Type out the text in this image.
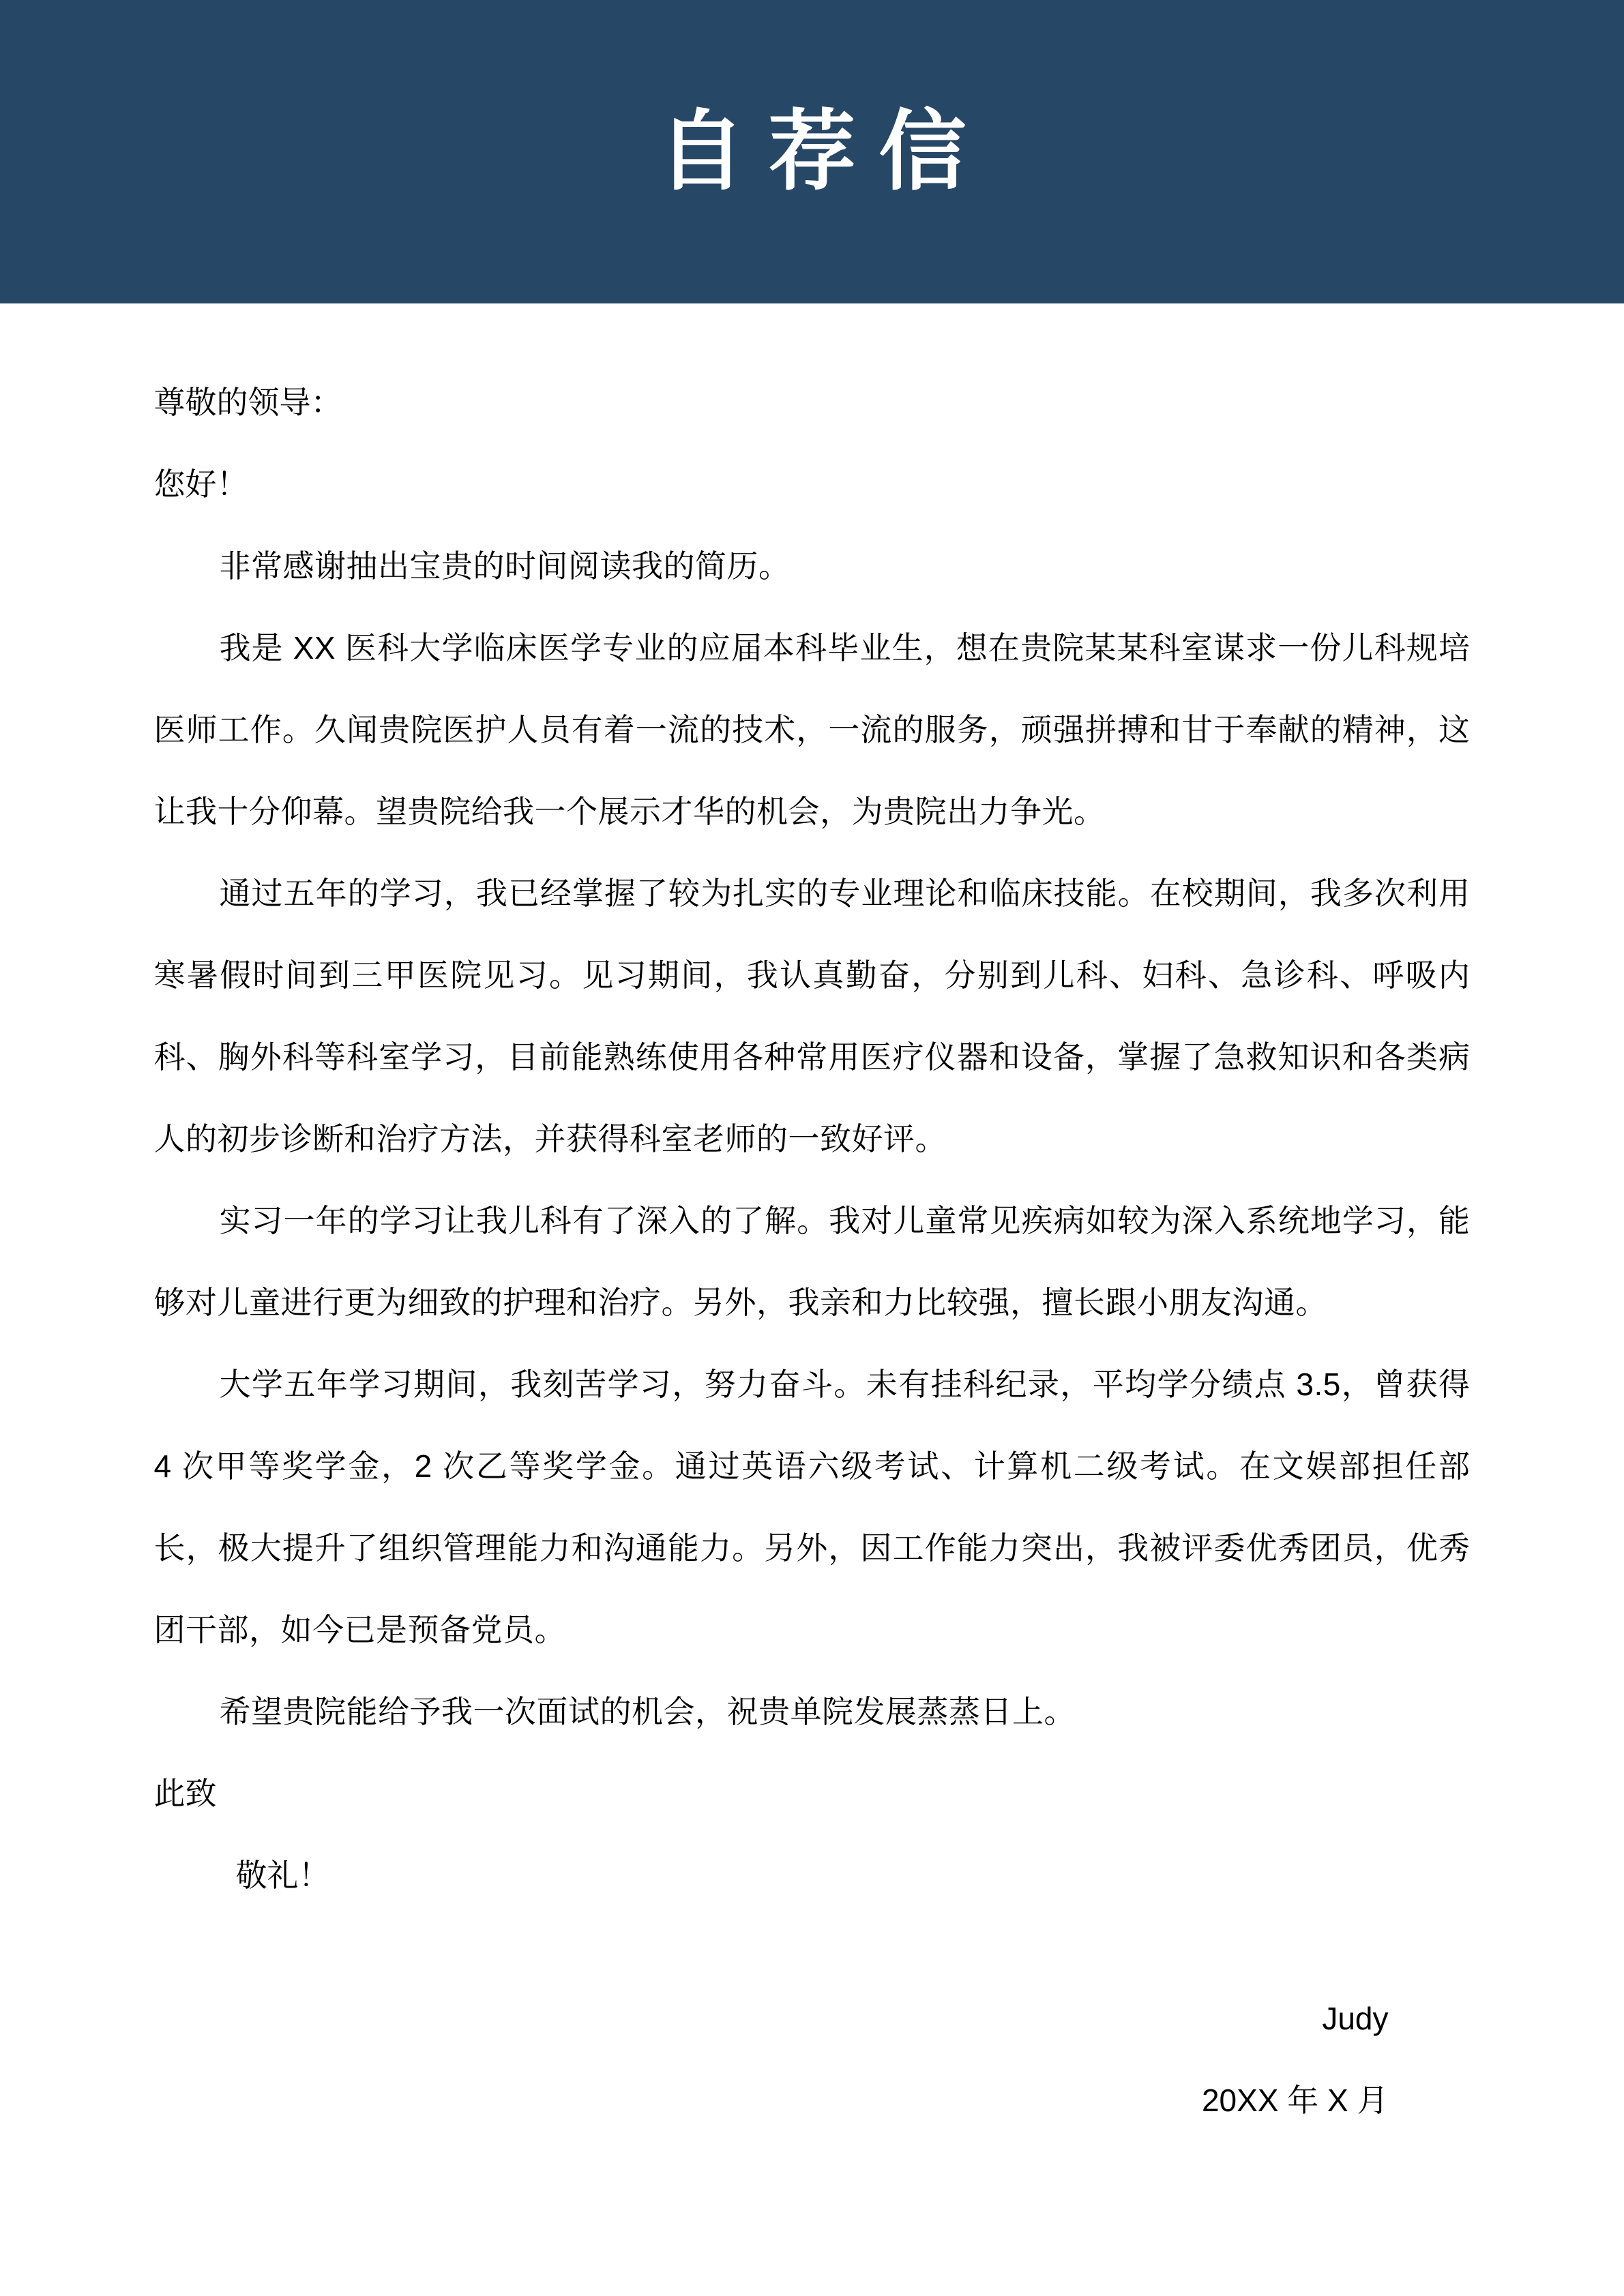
自荐信

尊敬的领导：

您好！

非常感谢抽出宝贵的时间阅读我的简历。

我是 XX 医科大学临床医学专业的应届本科毕业生，想在贵院某某科室谋求一份儿科规培医师工作。久闻贵院医护人员有着一流的技术，一流的服务，顽强拼搏和甘于奉献的精神，这让我十分仰幕。望贵院给我一个展示才华的机会，为贵院出力争光。

通过五年的学习，我已经掌握了较为扎实的专业理论和临床技能。在校期间，我多次利用寒暑假时间到三甲医院见习。见习期间，我认真勤奋，分别到儿科、妇科、急诊科、呼吸内科、胸外科等科室学习，目前能熟练使用各种常用医疗仪器和设备，掌握了急救知识和各类病人的初步诊断和治疗方法，并获得科室老师的一致好评。

实习一年的学习让我儿科有了深入的了解。我对儿童常见疾病如较为深入系统地学习，能够对儿童进行更为细致的护理和治疗。另外，我亲和力比较强，擅长跟小朋友沟通。

大学五年学习期间，我刻苦学习，努力奋斗。未有挂科纪录，平均学分绩点 3.5，曾获得 4 次甲等奖学金，2 次乙等奖学金。通过英语六级考试、计算机二级考试。在文娱部担任部长，极大提升了组织管理能力和沟通能力。另外，因工作能力突出，我被评委优秀团员，优秀团干部，如今已是预备党员。

希望贵院能给予我一次面试的机会，祝贵单院发展蒸蒸日上。

此致

敬礼！

Judy

20XX 年 X 月
